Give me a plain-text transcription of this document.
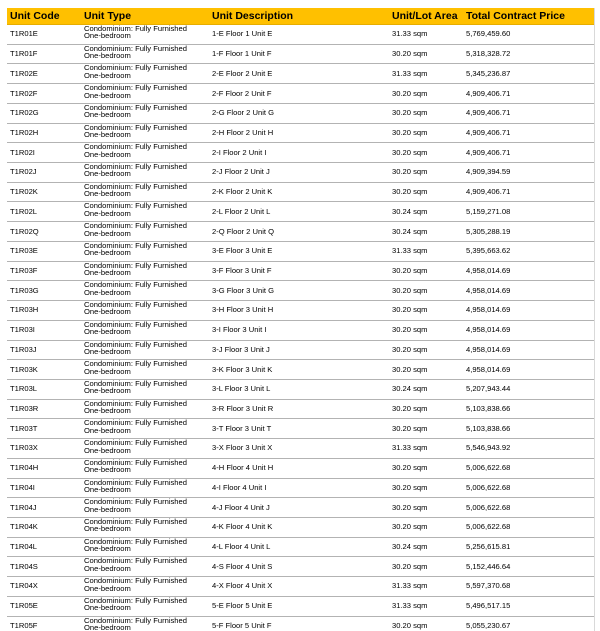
Unit Code	Unit Type	Unit Description	Unit/Lot Area	Total Contract Price
T1R01E	Condominium: Fully Furnished
One-bedroom	1-E Floor 1 Unit E	31.33 sqm	5,769,459.60
T1R01F	Condominium: Fully Furnished
One-bedroom	1-F Floor 1 Unit F	30.20 sqm	5,318,328.72
T1R02E	Condominium: Fully Furnished
One-bedroom	2-E Floor 2 Unit E	31.33 sqm	5,345,236.87
T1R02F	Condominium: Fully Furnished
One-bedroom	2-F Floor 2 Unit F	30.20 sqm	4,909,406.71
T1R02G	Condominium: Fully Furnished
One-bedroom	2-G Floor 2 Unit G	30.20 sqm	4,909,406.71
T1R02H	Condominium: Fully Furnished
One-bedroom	2-H Floor 2 Unit H	30.20 sqm	4,909,406.71
T1R02I	Condominium: Fully Furnished
One-bedroom	2-I Floor 2 Unit I	30.20 sqm	4,909,406.71
T1R02J	Condominium: Fully Furnished
One-bedroom	2-J Floor 2 Unit J	30.20 sqm	4,909,394.59
T1R02K	Condominium: Fully Furnished
One-bedroom	2-K Floor 2 Unit K	30.20 sqm	4,909,406.71
T1R02L	Condominium: Fully Furnished
One-bedroom	2-L Floor 2 Unit L	30.24 sqm	5,159,271.08
T1R02Q	Condominium: Fully Furnished
One-bedroom	2-Q Floor 2 Unit Q	30.24 sqm	5,305,288.19
T1R03E	Condominium: Fully Furnished
One-bedroom	3-E Floor 3 Unit E	31.33 sqm	5,395,663.62
T1R03F	Condominium: Fully Furnished
One-bedroom	3-F Floor 3 Unit F	30.20 sqm	4,958,014.69
T1R03G	Condominium: Fully Furnished
One-bedroom	3-G Floor 3 Unit G	30.20 sqm	4,958,014.69
T1R03H	Condominium: Fully Furnished
One-bedroom	3-H Floor 3 Unit H	30.20 sqm	4,958,014.69
T1R03I	Condominium: Fully Furnished
One-bedroom	3-I Floor 3 Unit I	30.20 sqm	4,958,014.69
T1R03J	Condominium: Fully Furnished
One-bedroom	3-J Floor 3 Unit J	30.20 sqm	4,958,014.69
T1R03K	Condominium: Fully Furnished
One-bedroom	3-K Floor 3 Unit K	30.20 sqm	4,958,014.69
T1R03L	Condominium: Fully Furnished
One-bedroom	3-L Floor 3 Unit L	30.24 sqm	5,207,943.44
T1R03R	Condominium: Fully Furnished
One-bedroom	3-R Floor 3 Unit R	30.20 sqm	5,103,838.66
T1R03T	Condominium: Fully Furnished
One-bedroom	3-T Floor 3 Unit T	30.20 sqm	5,103,838.66
T1R03X	Condominium: Fully Furnished
One-bedroom	3-X Floor 3 Unit X	31.33 sqm	5,546,943.92
T1R04H	Condominium: Fully Furnished
One-bedroom	4-H Floor 4 Unit H	30.20 sqm	5,006,622.68
T1R04I	Condominium: Fully Furnished
One-bedroom	4-I Floor 4 Unit I	30.20 sqm	5,006,622.68
T1R04J	Condominium: Fully Furnished
One-bedroom	4-J Floor 4 Unit J	30.20 sqm	5,006,622.68
T1R04K	Condominium: Fully Furnished
One-bedroom	4-K Floor 4 Unit K	30.20 sqm	5,006,622.68
T1R04L	Condominium: Fully Furnished
One-bedroom	4-L Floor 4 Unit L	30.24 sqm	5,256,615.81
T1R04S	Condominium: Fully Furnished
One-bedroom	4-S Floor 4 Unit S	30.20 sqm	5,152,446.64
T1R04X	Condominium: Fully Furnished
One-bedroom	4-X Floor 4 Unit X	31.33 sqm	5,597,370.68
T1R05E	Condominium: Fully Furnished
One-bedroom	5-E Floor 5 Unit E	31.33 sqm	5,496,517.15
T1R05F	Condominium: Fully Furnished
One-bedroom	5-F Floor 5 Unit F	30.20 sqm	5,055,230.67
